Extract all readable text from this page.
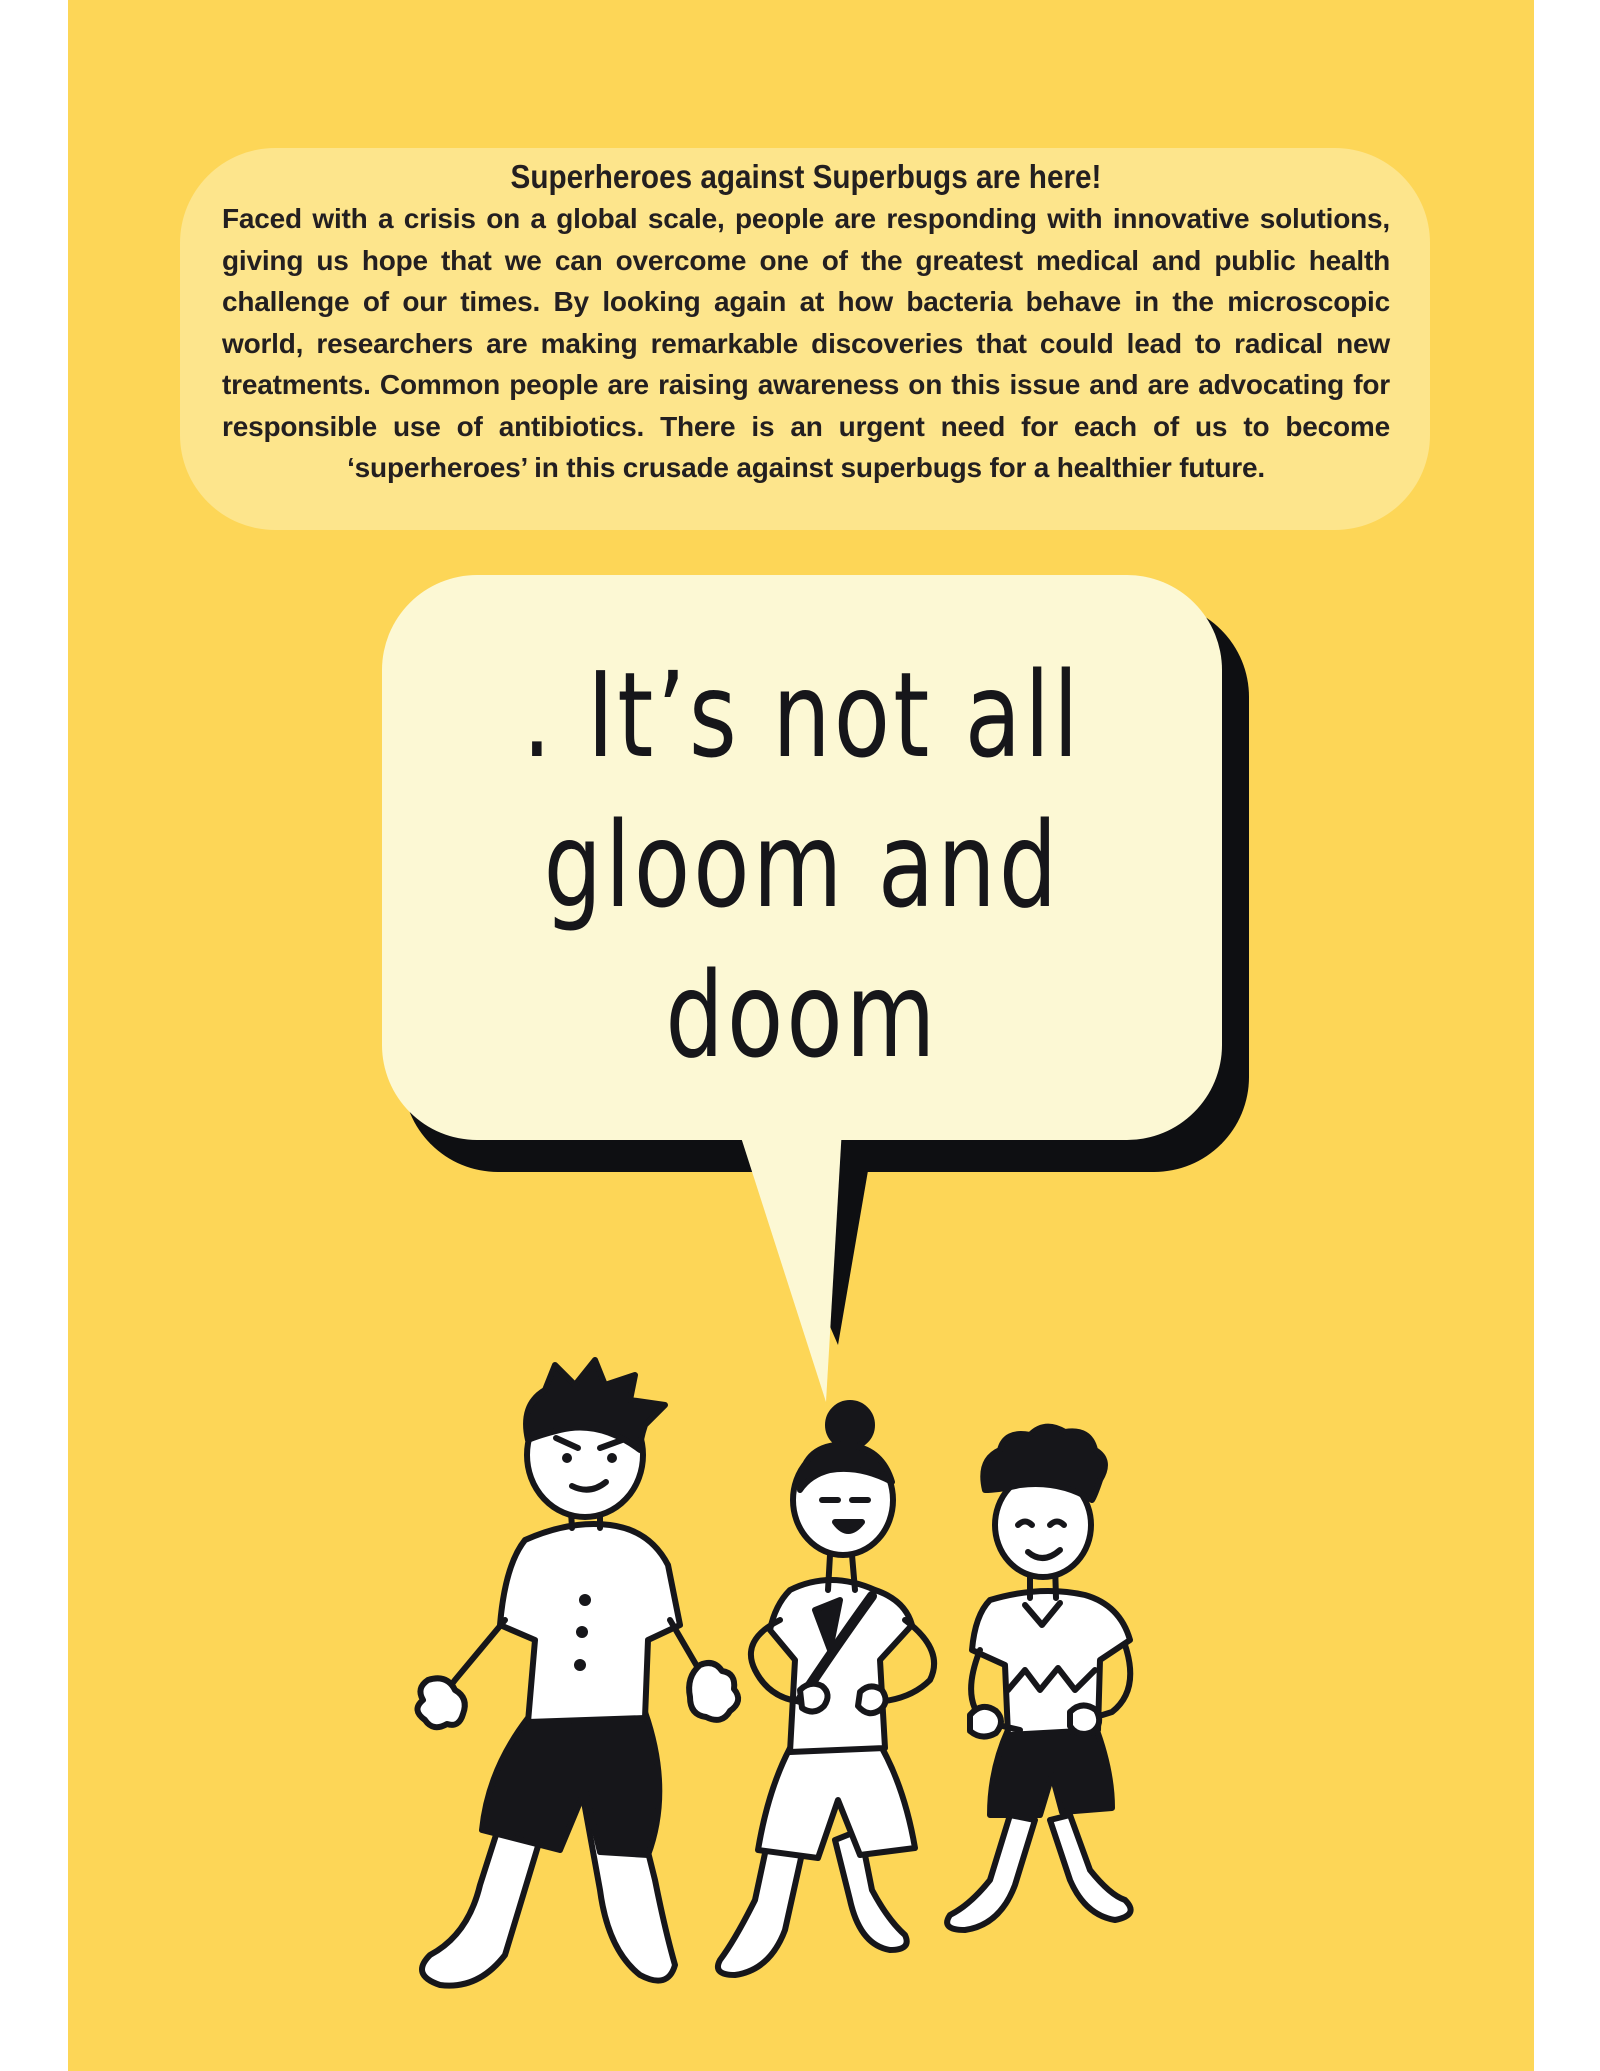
Superheroes against Superbugs are here!

Faced with a crisis on a global scale, people are responding with innovative solutions, giving us hope that we can overcome one of the greatest medical and public health challenge of our times. By looking again at how bacteria behave in the microscopic world, researchers are making remarkable discoveries that could lead to radical new treatments. Common people are raising awareness on this issue and are advocating for responsible use of antibiotics. There is an urgent need for each of us to become ‘superheroes’ in this crusade against superbugs for a healthier future.

. It’s not all
gloom and
doom
